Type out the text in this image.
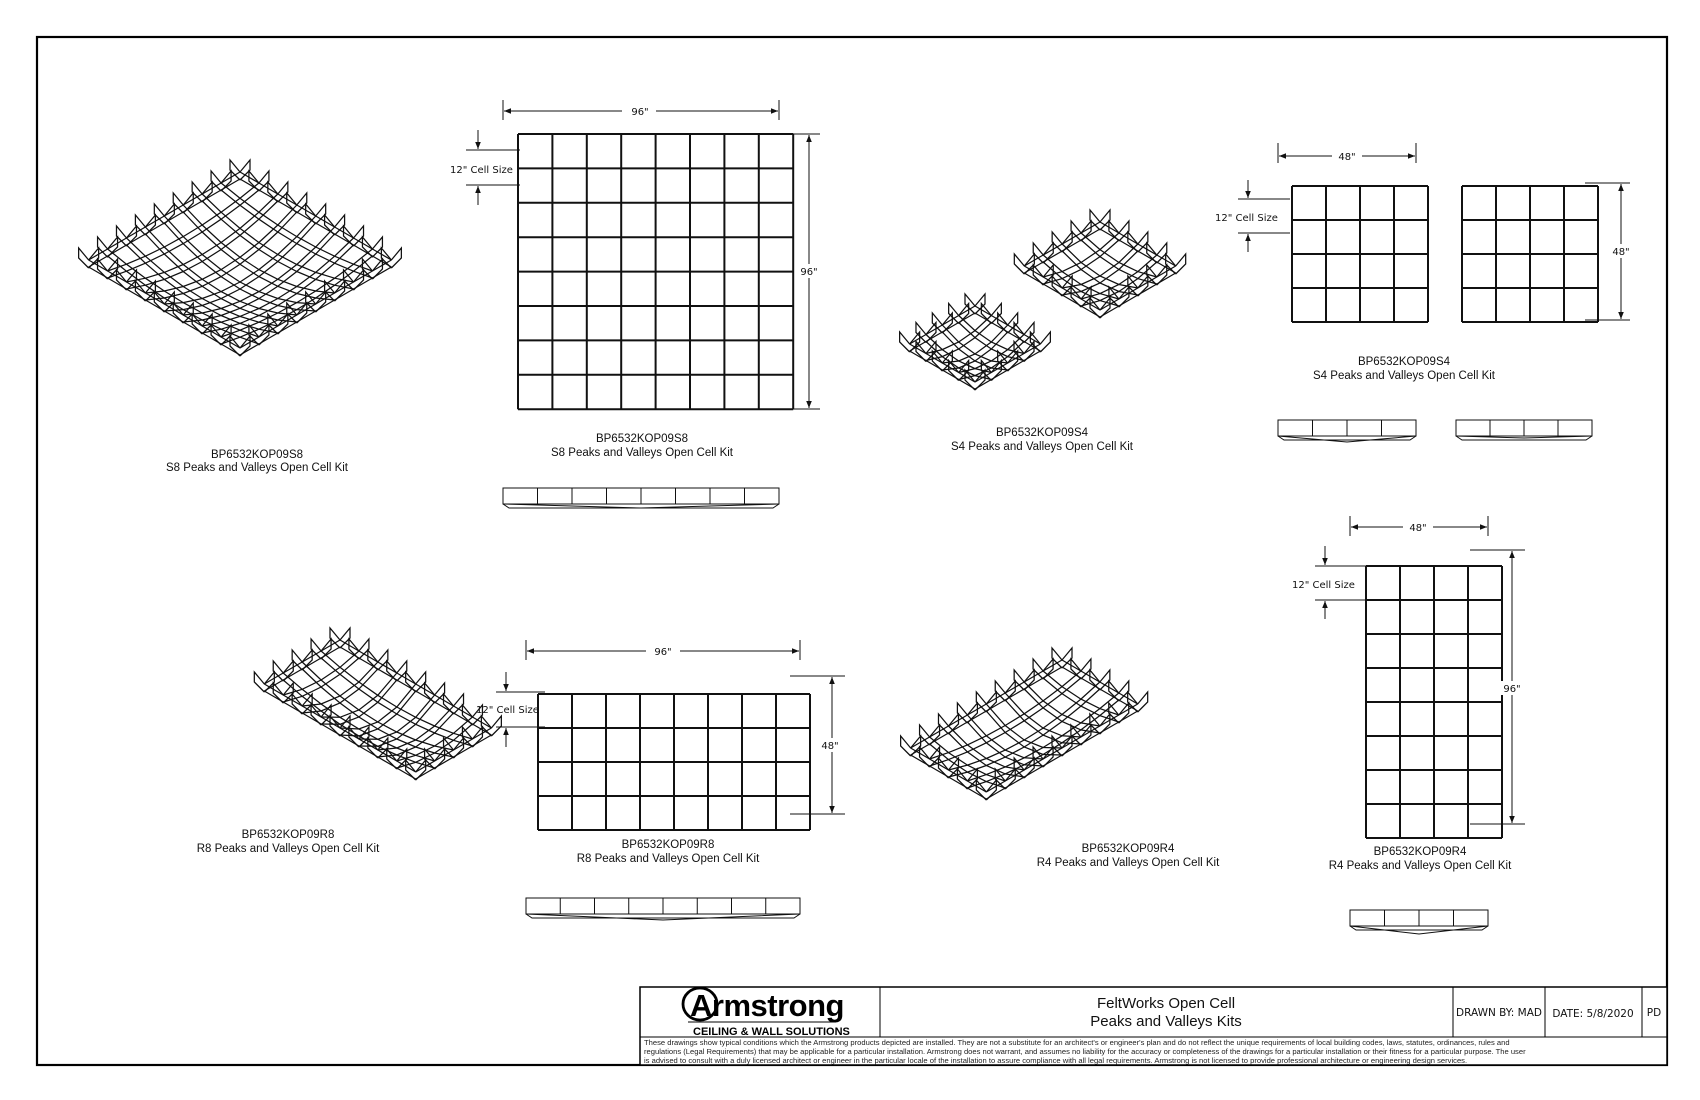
96"
96"
12" Cell Size
48"
48"
12" Cell Size
96"
48"
12" Cell Size
48"
96"
12" Cell Size
BP6532KOP09S8
S8 Peaks and Valleys Open Cell Kit
BP6532KOP09S8
S8 Peaks and Valleys Open Cell Kit
BP6532KOP09S4
S4 Peaks and Valleys Open Cell Kit
BP6532KOP09S4
S4 Peaks and Valleys Open Cell Kit
BP6532KOP09R8
R8 Peaks and Valleys Open Cell Kit	BP6532KOP09R8
R8 Peaks and Valleys Open Cell Kit
BP6532KOP09R4
R4 Peaks and Valleys Open Cell Kit
BP6532KOP09R4
R4 Peaks and Valleys Open Cell Kit
Armstrong
CEILING & WALL SOLUTIONS
FeltWorks Open Cell
Peaks and Valleys Kits	DRAWN BY: MAD DATE: 5/8/2020 PD
These drawings show typical conditions which the Armstrong products depicted are installed. They are not a substitute for an architect's or engineer's plan and do not reflect the unique requirements of local building codes, laws, statutes, ordinances, rules and
regulations (Legal Requirements) that may be applicable for a particular installation. Armstrong does not warrant, and assumes no liability for the accuracy or completeness of the drawings for a particular installation or their fitness for a particular purpose. The user
is advised to consult with a duly licensed architect or engineer in the particular locale of the installation to assure compliance with all legal requirements. Armstrong is not licensed to provide professional architecture or engineering design services.
